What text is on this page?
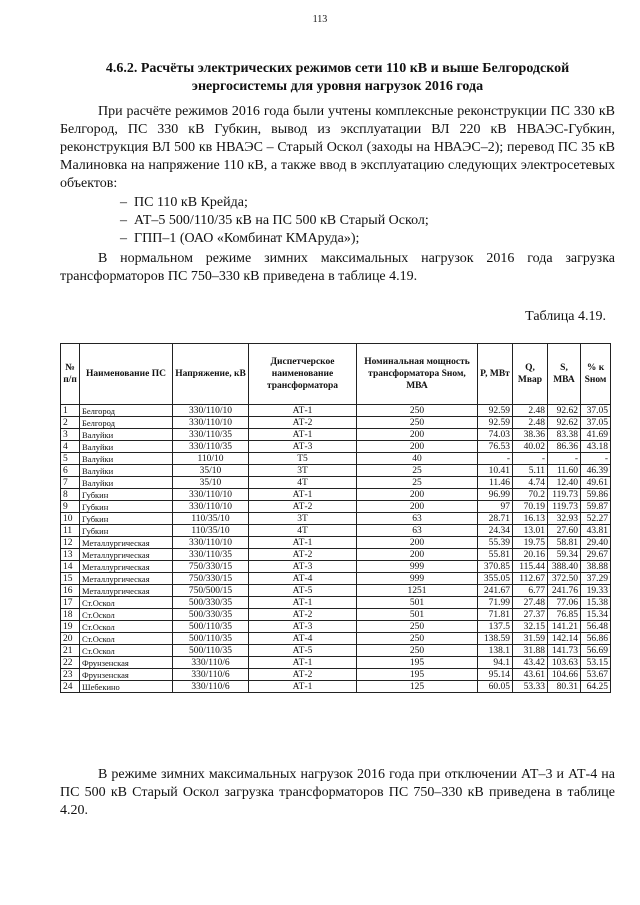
113
4.6.2. Расчёты электрических режимов сети 110 кВ и выше Белгородской энергосистемы для уровня нагрузок 2016 года

При расчёте режимов 2016 года были учтены комплексные реконструкции ПС 330 кВ Белгород, ПС 330 кВ Губкин, вывод из эксплуатации ВЛ 220 кВ НВАЭС-Губкин, реконструкция ВЛ 500 кв НВАЭС – Старый Оскол (заходы на НВАЭС–2); перевод ПС 35 кВ Малиновка на напряжение 110 кВ, а также ввод в эксплуатацию следующих электросетевых объектов:

–  ПС 110 кВ Крейда;
–  АТ–5 500/110/35 кВ на ПС 500 кВ Старый Оскол;
–  ГПП–1 (ОАО «Комбинат КМАруда»);

В нормальном режиме зимних максимальных нагрузок 2016 года загрузка трансформаторов ПС 750–330 кВ приведена в таблице 4.19.

Таблица 4.19.
№ п/п	Наименование ПС	Напряжение, кВ	Диспетчерское наименование трансформатора	Номинальная мощность трансформатора Sном, МВА	P, МВт	Q, Мвар	S, МВА	% к Sном
1	Белгород	330/110/10	АТ-1	250	92.59	2.48	92.62	37.05
2	Белгород	330/110/10	АТ-2	250	92.59	2.48	92.62	37.05
3	Валуйки	330/110/35	АТ-1	200	74.03	38.36	83.38	41.69
4	Валуйки	330/110/35	АТ-3	200	76.53	40.02	86.36	43.18
5	Валуйки	110/10	Т5	40	-	-	-	-
6	Валуйки	35/10	3Т	25	10.41	5.11	11.60	46.39
7	Валуйки	35/10	4Т	25	11.46	4.74	12.40	49.61
8	Губкин	330/110/10	АТ-1	200	96.99	70.2	119.73	59.86
9	Губкин	330/110/10	АТ-2	200	97	70.19	119.73	59.87
10	Губкин	110/35/10	3Т	63	28.71	16.13	32.93	52.27
11	Губкин	110/35/10	4Т	63	24.34	13.01	27.60	43.81
12	Металлургическая	330/110/10	АТ-1	200	55.39	19.75	58.81	29.40
13	Металлургическая	330/110/35	АТ-2	200	55.81	20.16	59.34	29.67
14	Металлургическая	750/330/15	АТ-3	999	370.85	115.44	388.40	38.88
15	Металлургическая	750/330/15	АТ-4	999	355.05	112.67	372.50	37.29
16	Металлургическая	750/500/15	АТ-5	1251	241.67	6.77	241.76	19.33
17	Ст.Оскол	500/330/35	АТ-1	501	71.99	27.48	77.06	15.38
18	Ст.Оскол	500/330/35	АТ-2	501	71.81	27.37	76.85	15.34
19	Ст.Оскол	500/110/35	АТ-3	250	137.5	32.15	141.21	56.48
20	Ст.Оскол	500/110/35	АТ-4	250	138.59	31.59	142.14	56.86
21	Ст.Оскол	500/110/35	АТ-5	250	138.1	31.88	141.73	56.69
22	Фрунзенская	330/110/6	АТ-1	195	94.1	43.42	103.63	53.15
23	Фрунзенская	330/110/6	АТ-2	195	95.14	43.61	104.66	53.67
24	Шебекино	330/110/6	АТ-1	125	60.05	53.33	80.31	64.25

В режиме зимних максимальных нагрузок 2016 года при отключении АТ–3 и АТ-4 на ПС 500 кВ Старый Оскол загрузка трансформаторов ПС 750–330 кВ приведена в таблице 4.20.
